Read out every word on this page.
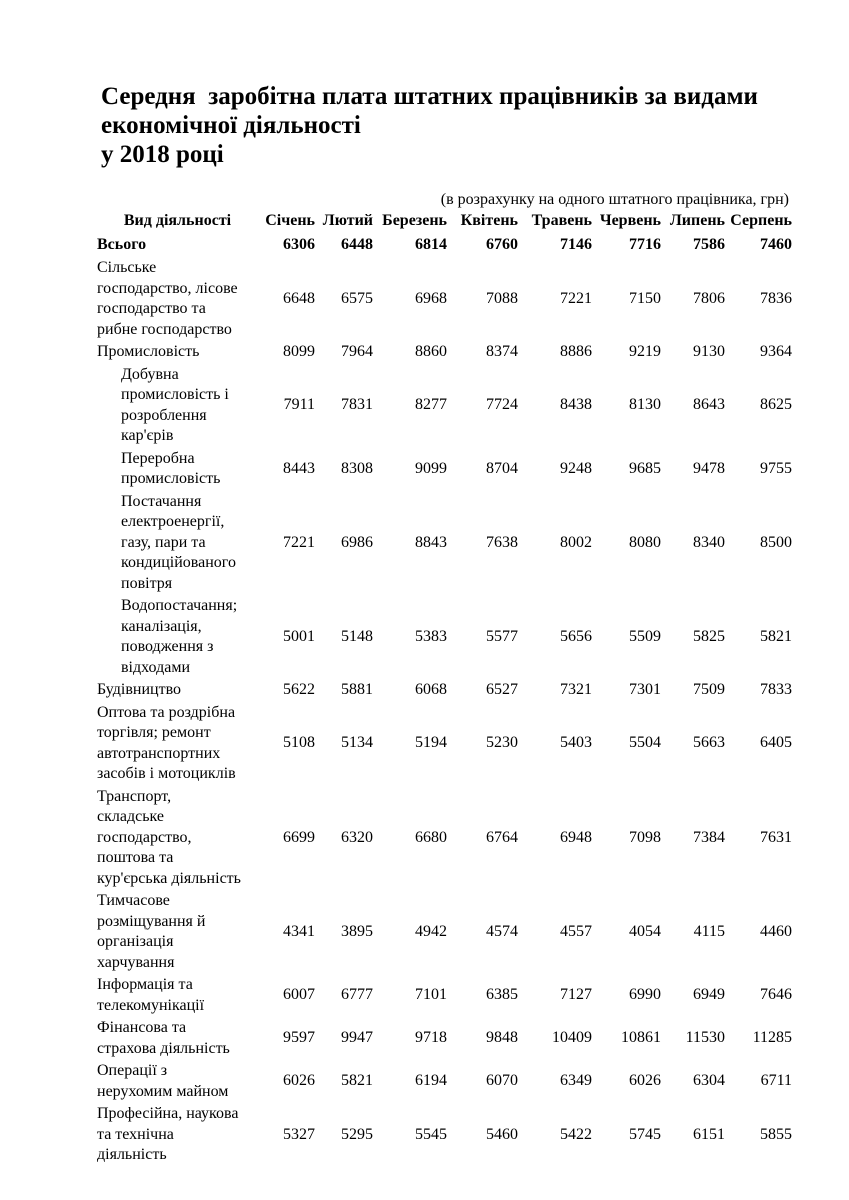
Середня  заробітна плата штатних працівників за видами
економічної діяльності
у 2018 році
(в розрахунку на одного штатного працівника, грн)
Вид діяльності	Січень	Лютий	Березень	Квітень	Травень	Червень	Липень	Серпень
Всього	6306	6448	6814	6760	7146	7716	7586	7460

Сільське
господарство, лісове
господарство та
рибне господарство	6648	6575	6968	7088	7221	7150	7806	7836

Промисловість	8099	7964	8860	8374	8886	9219	9130	9364

Добувна
промисловість і
розроблення
кар'єрів	7911	7831	8277	7724	8438	8130	8643	8625

Переробна
промисловість	8443	8308	9099	8704	9248	9685	9478	9755

Постачання
електроенергії,
газу, пари та
кондиційованого
повітря	7221	6986	8843	7638	8002	8080	8340	8500

Водопостачання;
каналізація,
поводження з
відходами	5001	5148	5383	5577	5656	5509	5825	5821

Будівництво	5622	5881	6068	6527	7321	7301	7509	7833

Оптова та роздрібна
торгівля; ремонт
автотранспортних
засобів і мотоциклів	5108	5134	5194	5230	5403	5504	5663	6405

Транспорт,
складське
господарство,
поштова та
кур'єрська діяльність	6699	6320	6680	6764	6948	7098	7384	7631

Тимчасове
розміщування й
організація
харчування	4341	3895	4942	4574	4557	4054	4115	4460

Інформація та
телекомунікації	6007	6777	7101	6385	7127	6990	6949	7646

Фінансова та
страхова діяльність	9597	9947	9718	9848	10409	10861	11530	11285

Операції з
нерухомим майном	6026	5821	6194	6070	6349	6026	6304	6711

Професійна, наукова
та технічна
діяльність	5327	5295	5545	5460	5422	5745	6151	5855
